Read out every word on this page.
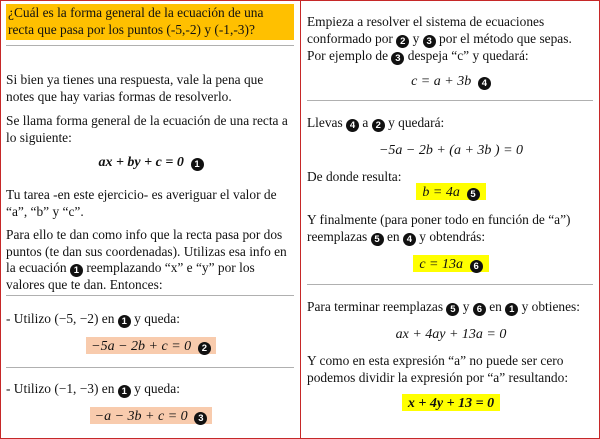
¿Cuál es la forma general de la ecuación de una recta que pasa por los puntos (-5,-2) y (-1,-3)?
Si bien ya tienes una respuesta, vale la pena que notes que hay varias formas de resolverlo.
Se llama forma general de la ecuación de una recta a lo siguiente:
ax + by + c = 0 1
Tu tarea -en este ejercicio- es averiguar el valor de “a”, “b” y “c”.
Para ello te dan como info que la recta pasa por dos puntos (te dan sus coordenadas). Utilizas esa info en la ecuación 1 reemplazando “x” e “y” por los valores que te dan. Entonces:
- Utilizo (−5, −2) en 1 y queda:
−5a − 2b + c = 0 2
- Utilizo (−1, −3) en 1 y queda:
−a − 3b + c = 0 3
Empieza a resolver el sistema de ecuaciones conformado por 2 y 3 por el método que sepas. Por ejemplo de 3 despeja “c” y quedará:
c = a + 3b 4
Llevas 4 a 2 y quedará:
−5a − 2b + (a + 3b ) = 0
De donde resulta:
b = 4a 5
Y finalmente (para poner todo en función de “a”) reemplazas 5 en 4 y obtendrás:
c = 13a 6
Para terminar reemplazas 5 y 6 en 1 y obtienes:
ax + 4ay + 13a = 0
Y como en esta expresión “a” no puede ser cero podemos dividir la expresión por “a” resultando:
x + 4y + 13 = 0
